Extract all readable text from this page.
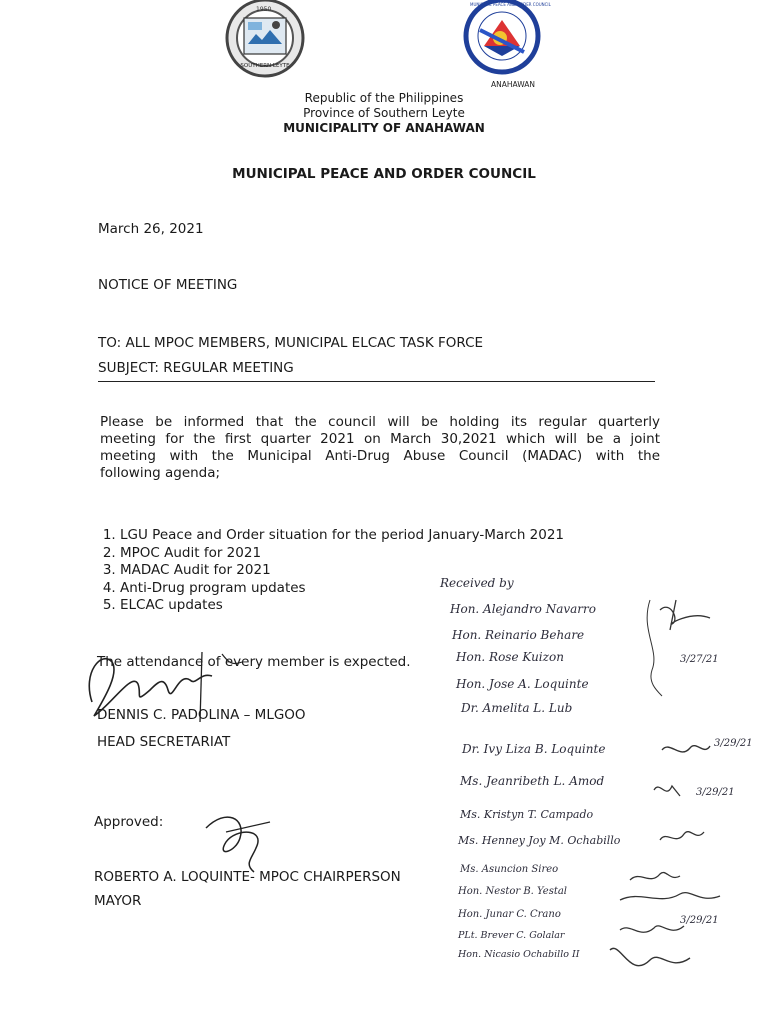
1950
SOUTHERN LEYTE
MUNICIPAL PEACE AND ORDER COUNCIL
ANAHAWAN
Republic of the Philippines
Province of Southern Leyte
MUNICIPALITY OF ANAHAWAN
MUNICIPAL PEACE AND ORDER COUNCIL
March 26, 2021
NOTICE OF MEETING
TO: ALL MPOC MEMBERS, MUNICIPAL ELCAC TASK FORCE
SUBJECT: REGULAR MEETING
Please be informed that the council will be holding its regular quarterly
meeting for the first quarter 2021 on March 30,2021 which will be a joint
meeting with the Municipal Anti-Drug Abuse Council (MADAC) with the
following agenda;
1. LGU Peace and Order situation for the period January-March 2021
2. MPOC Audit for 2021
3. MADAC Audit for 2021
4. Anti-Drug program updates
5. ELCAC updates
The attendance of every member is expected.
DENNIS C. PADOLINA – MLGOO
HEAD SECRETARIAT
Approved:
ROBERTO A. LOQUINTE- MPOC CHAIRPERSON
MAYOR
Received by
Hon. Alejandro Navarro
Hon. Reinario Behare
Hon. Rose Kuizon
Hon. Jose A. Loquinte
Dr. Amelita L. Lub
Dr. Ivy Liza B. Loquinte
Ms. Jeanribeth L. Amod
Ms. Kristyn T. Campado
Ms. Henney Joy M. Ochabillo
Ms. Asuncion Sireo
Hon. Nestor B. Yestal
Hon. Junar C. Crano
PLt. Brever C. Golalar
Hon. Nicasio Ochabillo II
3/29/21
3/27/21
3/29/21
3/29/21
